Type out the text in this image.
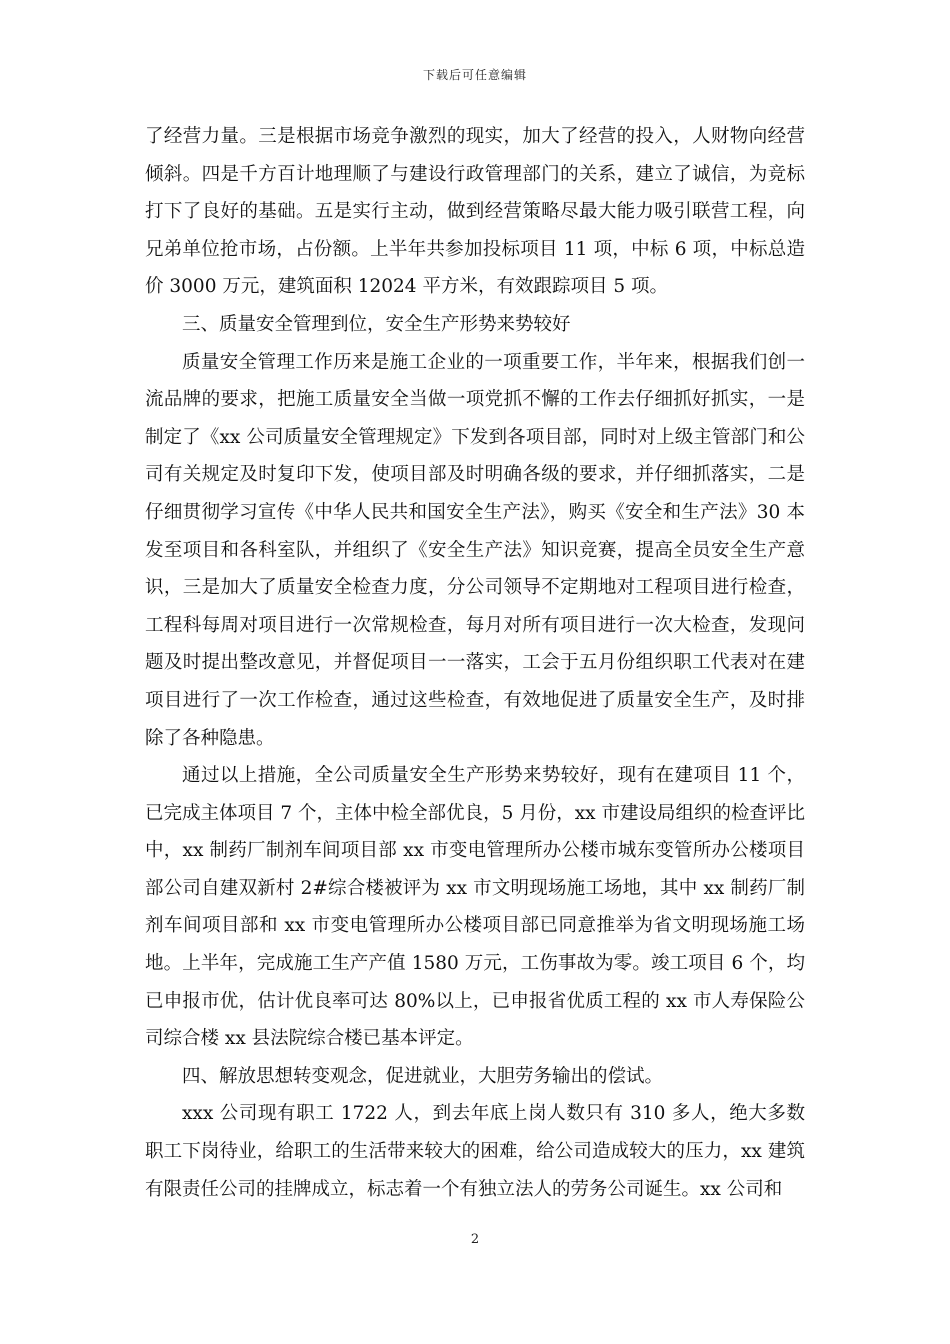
下载后可任意编辑

了经营力量。三是根据市场竞争激烈的现实，加大了经营的投入，人财物向经营倾斜。四是千方百计地理顺了与建设行政管理部门的关系，建立了诚信，为竞标打下了良好的基础。五是实行主动，做到经营策略尽最大能力吸引联营工程，向兄弟单位抢市场，占份额。上半年共参加投标项目 11 项，中标 6 项，中标总造价 3000 万元，建筑面积 12024 平方米，有效跟踪项目 5 项。

三、质量安全管理到位，安全生产形势来势较好

质量安全管理工作历来是施工企业的一项重要工作，半年来，根据我们创一流品牌的要求，把施工质量安全当做一项党抓不懈的工作去仔细抓好抓实，一是制定了《xx 公司质量安全管理规定》下发到各项目部，同时对上级主管部门和公司有关规定及时复印下发，使项目部及时明确各级的要求，并仔细抓落实，二是仔细贯彻学习宣传《中华人民共和国安全生产法》，购买《安全和生产法》30 本发至项目和各科室队，并组织了《安全生产法》知识竞赛，提高全员安全生产意识，三是加大了质量安全检查力度，分公司领导不定期地对工程项目进行检查，工程科每周对项目进行一次常规检查，每月对所有项目进行一次大检查，发现问题及时提出整改意见，并督促项目一一落实，工会于五月份组织职工代表对在建项目进行了一次工作检查，通过这些检查，有效地促进了质量安全生产，及时排除了各种隐患。

通过以上措施，全公司质量安全生产形势来势较好，现有在建项目 11 个，已完成主体项目 7 个，主体中检全部优良，5 月份，xx 市建设局组织的检查评比中，xx 制药厂制剂车间项目部 xx 市变电管理所办公楼市城东变管所办公楼项目部公司自建双新村 2#综合楼被评为 xx 市文明现场施工场地，其中 xx 制药厂制剂车间项目部和 xx 市变电管理所办公楼项目部已同意推举为省文明现场施工场地。上半年，完成施工生产产值 1580 万元，工伤事故为零。竣工项目 6 个，均已申报市优，估计优良率可达 80%以上，已申报省优质工程的 xx 市人寿保险公司综合楼 xx 县法院综合楼已基本评定。

四、解放思想转变观念，促进就业，大胆劳务输出的偿试。

xxx 公司现有职工 1722 人，到去年底上岗人数只有 310 多人，绝大多数职工下岗待业，给职工的生活带来较大的困难，给公司造成较大的压力，xx 建筑有限责任公司的挂牌成立，标志着一个有独立法人的劳务公司诞生。xx 公司和

2
